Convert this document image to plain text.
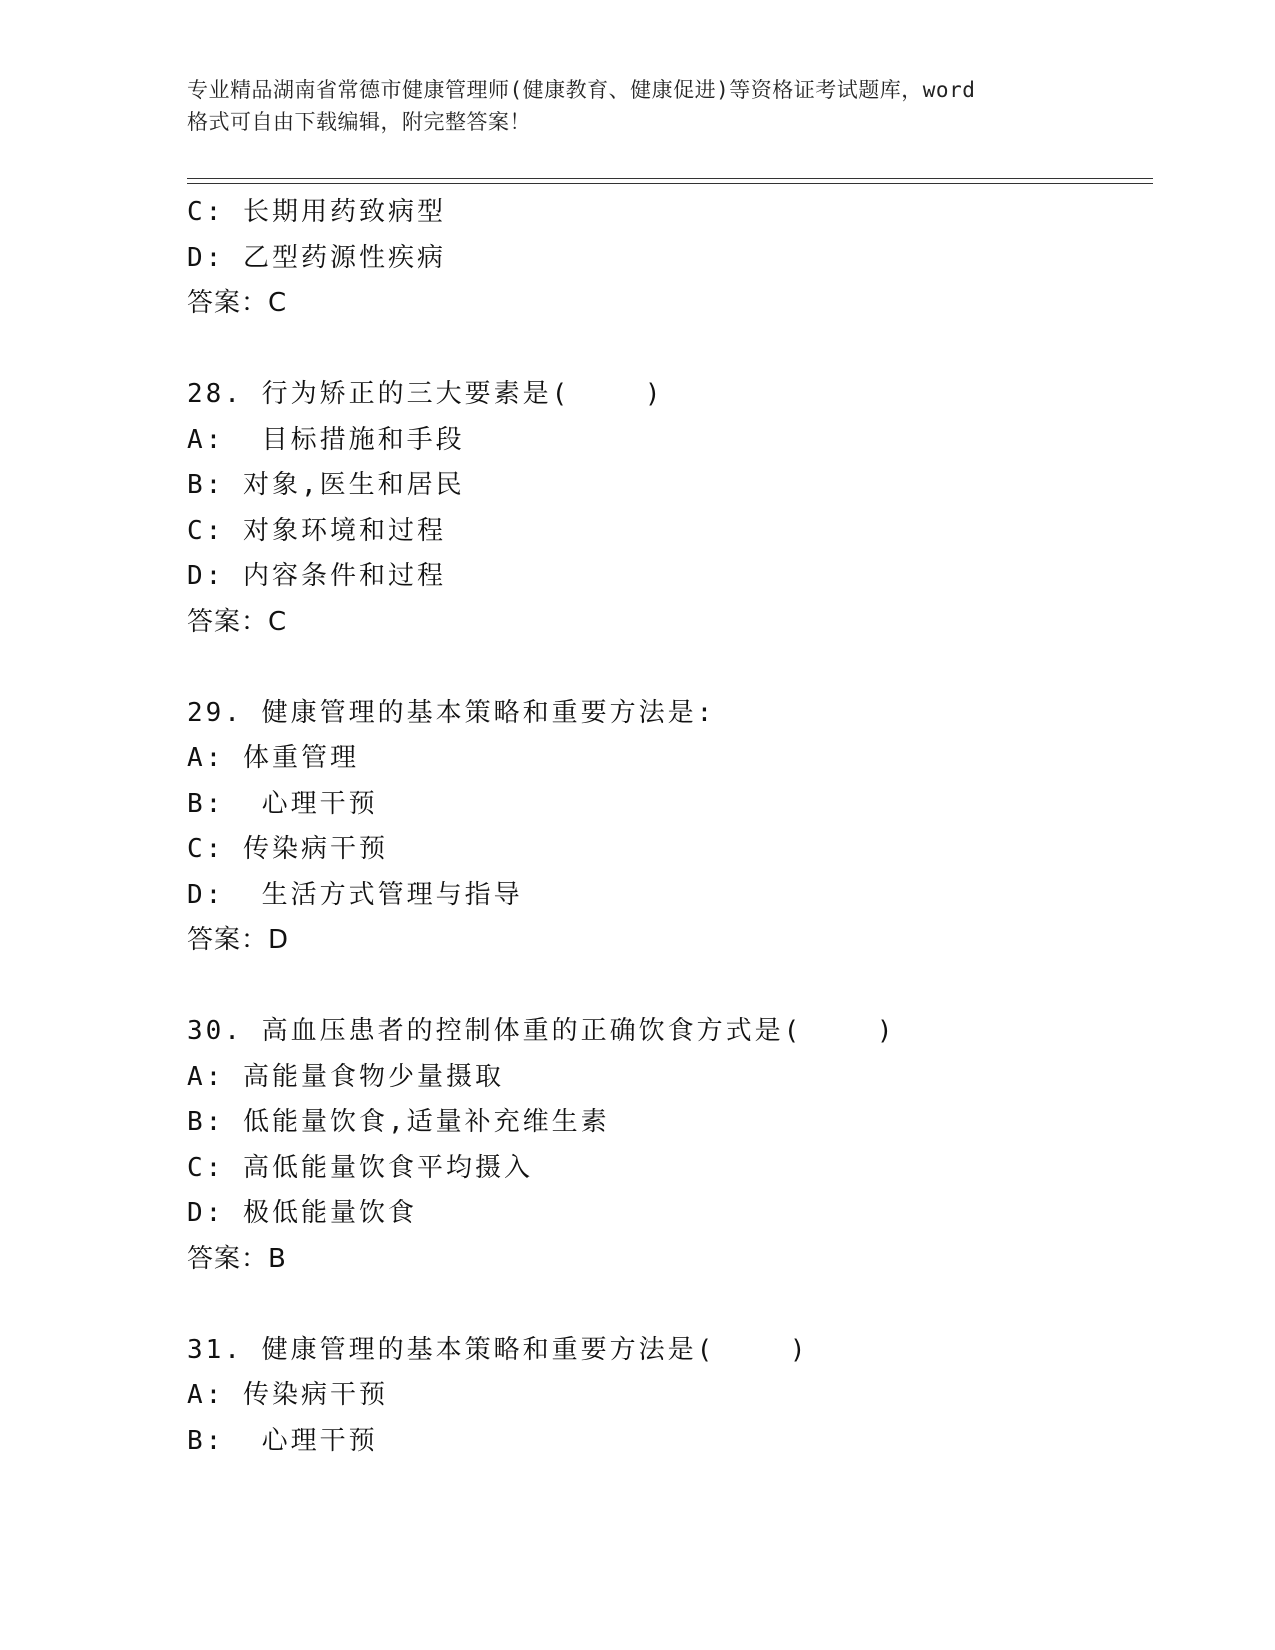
专业精品湖南省常德市健康管理师(健康教育、健康促进)等资格证考试题库，word
格式可自由下载编辑，附完整答案！
C: 长期用药致病型
D: 乙型药源性疾病
答案：C
28. 行为矫正的三大要素是(    )
A:  目标措施和手段
B: 对象,医生和居民
C: 对象环境和过程
D: 内容条件和过程
答案：C
29. 健康管理的基本策略和重要方法是:
A: 体重管理
B:  心理干预
C: 传染病干预
D:  生活方式管理与指导
答案：D
30. 高血压患者的控制体重的正确饮食方式是(    )
A: 高能量食物少量摄取
B: 低能量饮食,适量补充维生素
C: 高低能量饮食平均摄入
D: 极低能量饮食
答案：B
31. 健康管理的基本策略和重要方法是(    )
A: 传染病干预
B:  心理干预
